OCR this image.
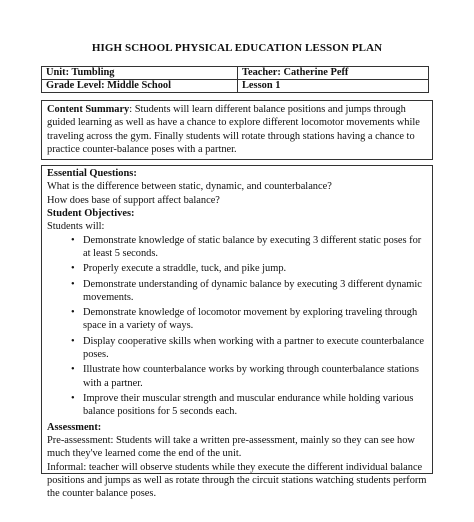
HIGH SCHOOL PHYSICAL EDUCATION LESSON PLAN
Unit: Tumbling	Teacher: Catherine Peff
Grade Level: Middle School	Lesson 1
Content Summary: Students will learn different balance positions and jumps through guided learning as well as have a chance to explore different locomotor movements while traveling across the gym. Finally students will rotate through stations having a chance to practice counter-balance poses with a partner.
Essential Questions:
What is the difference between static, dynamic, and counterbalance?
How does base of support affect balance?
Student Objectives:
Students will:
• Demonstrate knowledge of static balance by executing 3 different static poses for at least 5 seconds.
• Properly execute a straddle, tuck, and pike jump.
• Demonstrate understanding of dynamic balance by executing 3 different dynamic movements.
• Demonstrate knowledge of locomotor movement by exploring traveling through space in a variety of ways.
• Display cooperative skills when working with a partner to execute counterbalance poses.
• Illustrate how counterbalance works by working through counterbalance stations with a partner.
• Improve their muscular strength and muscular endurance while holding various balance positions for 5 seconds each.
Assessment:
Pre-assessment: Students will take a written pre-assessment, mainly so they can see how much they've learned come the end of the unit.
Informal: teacher will observe students while they execute the different individual balance positions and jumps as well as rotate through the circuit stations watching students perform the counter balance poses.
